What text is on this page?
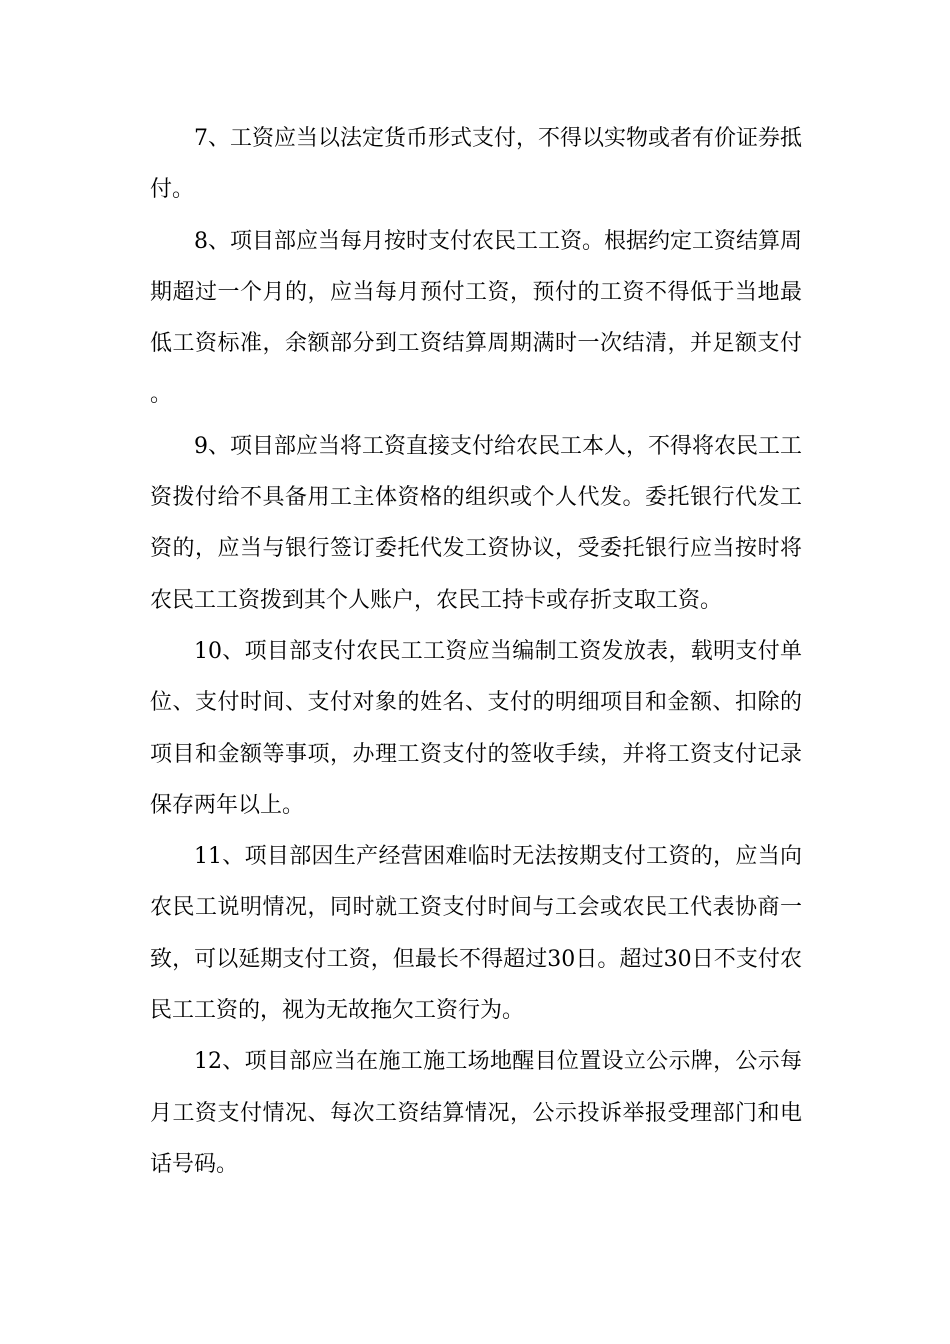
7、工资应当以法定货币形式支付，不得以实物或者有价证券抵付。

8、项目部应当每月按时支付农民工工资。根据约定工资结算周期超过一个月的，应当每月预付工资，预付的工资不得低于当地最低工资标准，余额部分到工资结算周期满时一次结清，并足额支付。

9、项目部应当将工资直接支付给农民工本人，不得将农民工工资拨付给不具备用工主体资格的组织或个人代发。委托银行代发工资的，应当与银行签订委托代发工资协议，受委托银行应当按时将农民工工资拨到其个人账户，农民工持卡或存折支取工资。

10、项目部支付农民工工资应当编制工资发放表，载明支付单位、支付时间、支付对象的姓名、支付的明细项目和金额、扣除的项目和金额等事项，办理工资支付的签收手续，并将工资支付记录保存两年以上。

11、项目部因生产经营困难临时无法按期支付工资的，应当向农民工说明情况，同时就工资支付时间与工会或农民工代表协商一致，可以延期支付工资，但最长不得超过30日。超过30日不支付农民工工资的，视为无故拖欠工资行为。

12、项目部应当在施工施工场地醒目位置设立公示牌，公示每月工资支付情况、每次工资结算情况，公示投诉举报受理部门和电话号码。
